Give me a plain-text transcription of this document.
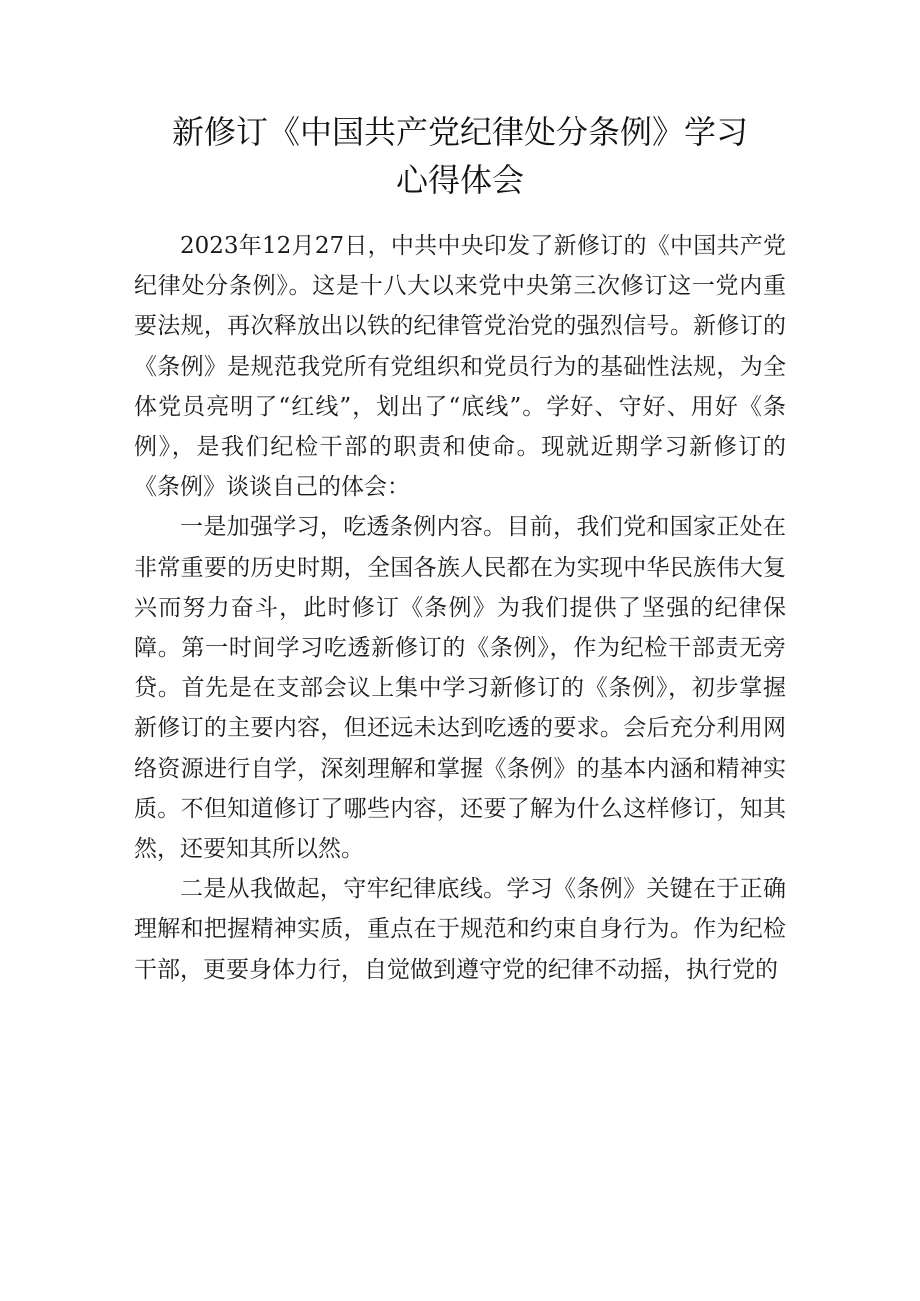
新修订《中国共产党纪律处分条例》学习
心得体会

2023年12月27日，中共中央印发了新修订的《中国共产党纪律处分条例》。这是十八大以来党中央第三次修订这一党内重要法规，再次释放出以铁的纪律管党治党的强烈信号。新修订的《条例》是规范我党所有党组织和党员行为的基础性法规，为全体党员亮明了“红线”，划出了“底线”。学好、守好、用好《条例》，是我们纪检干部的职责和使命。现就近期学习新修订的《条例》谈谈自己的体会：

一是加强学习，吃透条例内容。目前，我们党和国家正处在非常重要的历史时期，全国各族人民都在为实现中华民族伟大复兴而努力奋斗，此时修订《条例》为我们提供了坚强的纪律保障。第一时间学习吃透新修订的《条例》，作为纪检干部责无旁贷。首先是在支部会议上集中学习新修订的《条例》，初步掌握新修订的主要内容，但还远未达到吃透的要求。会后充分利用网络资源进行自学，深刻理解和掌握《条例》的基本内涵和精神实质。不但知道修订了哪些内容，还要了解为什么这样修订，知其然，还要知其所以然。

二是从我做起，守牢纪律底线。学习《条例》关键在于正确理解和把握精神实质，重点在于规范和约束自身行为。作为纪检干部，更要身体力行，自觉做到遵守党的纪律不动摇，执行党的
